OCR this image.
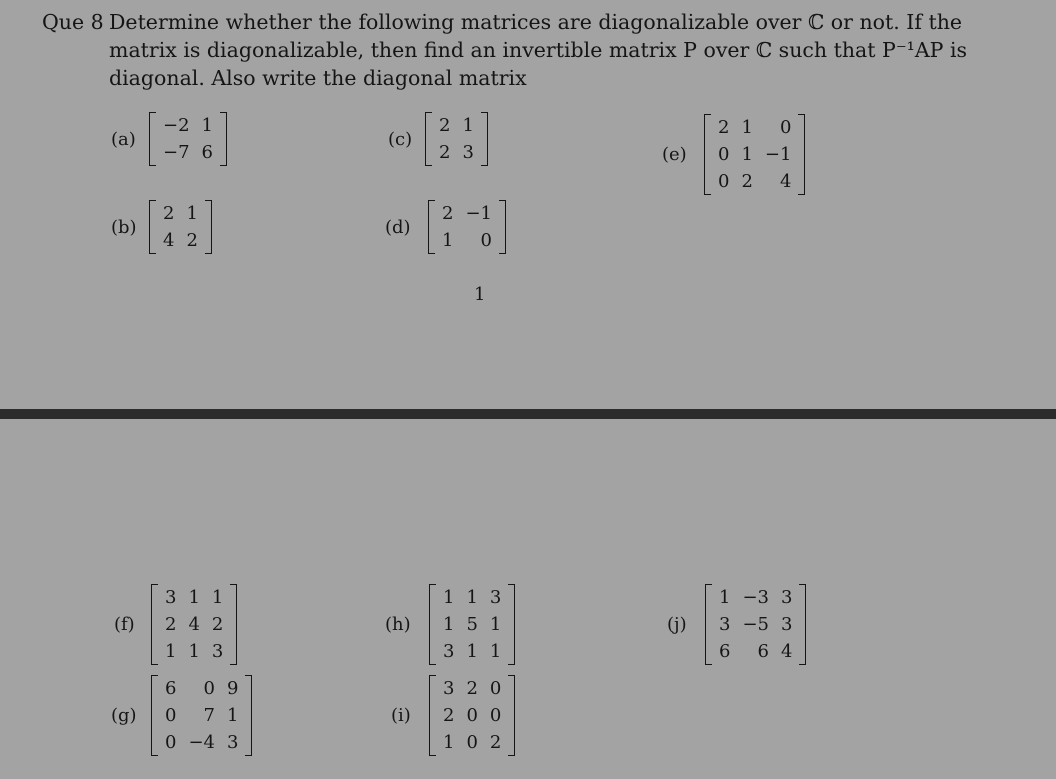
Que 8 Determine whether the following matrices are diagonalizable over ℂ or not. If the
matrix is diagonalizable, then find an invertible matrix P over ℂ such that P⁻¹AP is
diagonal. Also write the diagonal matrix
(a)
−2	1
−7	6
(b)
2	1
4	2
(c)
2	1
2	3
(d)
2	−1
1	0
(e)
2	1	0
0	1	−1
0	2	4
1
(f)
3	1	1
2	4	2
1	1	3
(g)
6	0	9
0	7	1
0	−4	3
(h)
1	1	3
1	5	1
3	1	1
(i)
3	2	0
2	0	0
1	0	2
(j)
1	−3	3
3	−5	3
6	6	4
